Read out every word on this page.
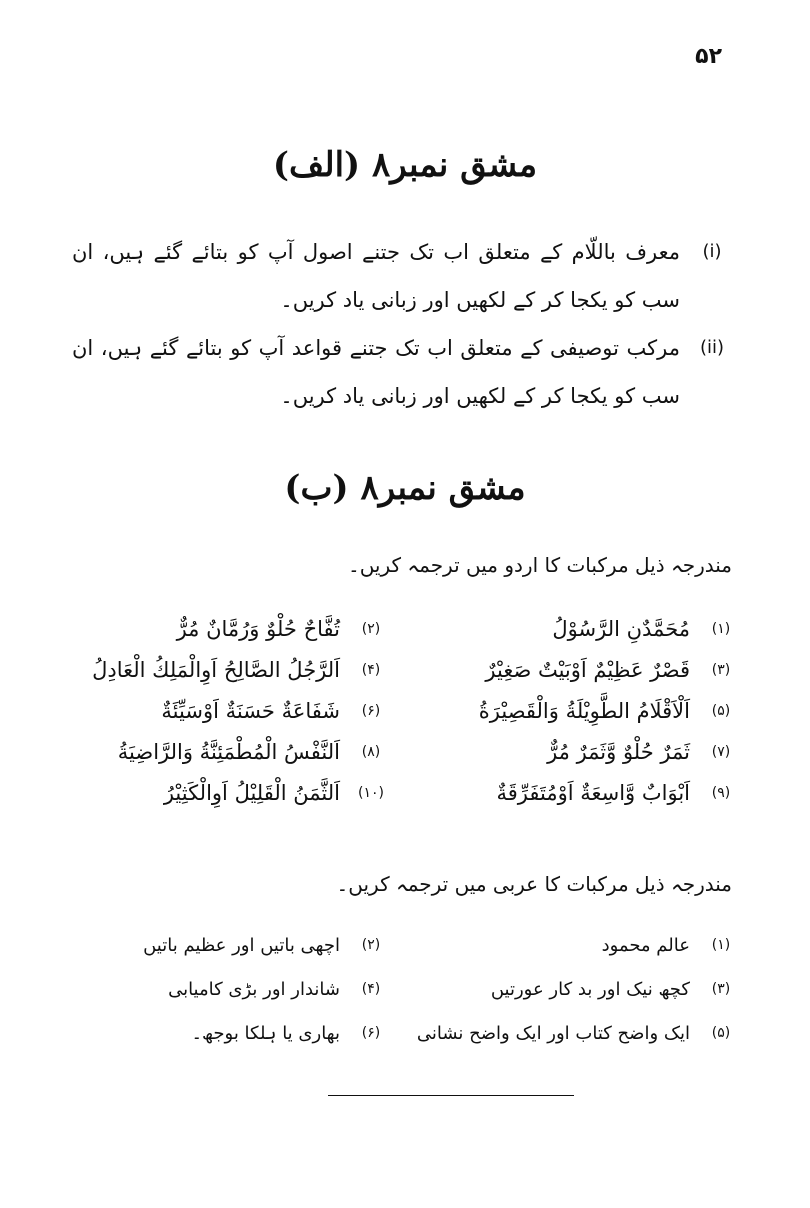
۵۲
مشق نمبر۸ (الف)
(i)
معرف باللّام کے متعلق اب تک جتنے اصول آپ کو بتائے گئے ہیں، ان سب کو یکجا کر کے لکھیں اور زبانی یاد کریں۔
(ii)
مرکب توصیفی کے متعلق اب تک جتنے قواعد آپ کو بتائے گئے ہیں، ان سب کو یکجا کر کے لکھیں اور زبانی یاد کریں۔
مشق نمبر۸ (ب)
مندرجہ ذیل مرکبات کا اردو میں ترجمہ کریں۔
(۱)
مُحَمَّدٌنِ الرَّسُوْلُ
(۲)
تُفَّاحٌ حُلْوٌ وَرُمَّانٌ مُرٌّ
(۳)
قَصْرٌ عَظِيْمٌ اَوْبَيْتٌ صَغِيْرٌ
(۴)
اَلرَّجُلُ الصَّالِحُ اَوِالْمَلِكُ الْعَادِلُ
(۵)
اَلْاَقْلَامُ الطَّوِيْلَةُ وَالْقَصِيْرَةُ
(۶)
شَفَاعَةٌ حَسَنَةٌ اَوْسَيِّئَةٌ
(۷)
ثَمَرٌ حُلْوٌ وَّثَمَرٌ مُرٌّ
(۸)
اَلنَّفْسُ الْمُطْمَئِنَّةُ وَالرَّاضِيَةُ
(۹)
اَبْوَابٌ وَّاسِعَةٌ اَوْمُتَفَرِّقَةٌ
(۱۰)
اَلثَّمَنُ الْقَلِيْلُ اَوِالْكَثِيْرُ
مندرجہ ذیل مرکبات کا عربی میں ترجمہ کریں۔
(۱)
عالم محمود
(۲)
اچھی باتیں اور عظیم باتیں
(۳)
کچھ نیک اور بد کار عورتیں
(۴)
شاندار اور بڑی کامیابی
(۵)
ایک واضح کتاب اور ایک واضح نشانی
(۶)
بھاری یا ہلکا بوجھ۔
